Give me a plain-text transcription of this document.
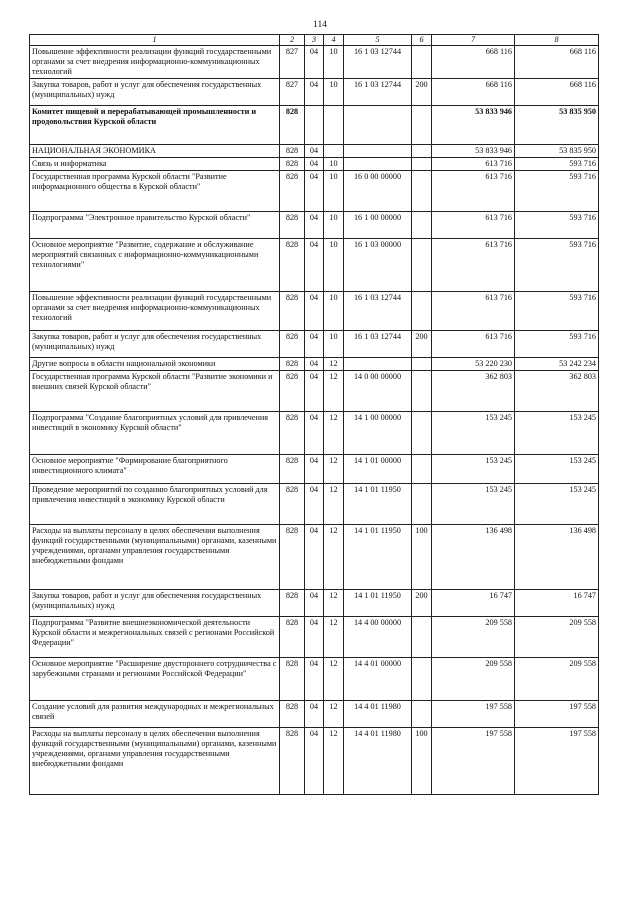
114
1	2	3	4	5	6	7	8
Повышение эффективности реализации функций государственными органами за счет внедрения информационно-коммуникационных технологий	827	04	10	16 1 03 12744		668 116	668 116
Закупка товаров, работ и услуг для обеспечения государственных (муниципальных) нужд	827	04	10	16 1 03 12744	200	668 116	668 116
Комитет пищевой и перерабатывающей промышленности и продовольствия Курской области	828					53 833 946	53 835 950
НАЦИОНАЛЬНАЯ ЭКОНОМИКА	828	04				53 833 946	53 835 950
Связь и информатика	828	04	10			613 716	593 716
Государственная программа Курской области "Развитие информационного общества в Курской области"	828	04	10	16 0 00 00000		613 716	593 716
Подпрограмма "Электронное правительство Курской области"	828	04	10	16 1 00 00000		613 716	593 716
Основное мероприятие "Развитие, содержание и обслуживание мероприятий связанных с информационно-коммуникационными технологиями"	828	04	10	16 1 03 00000		613 716	593 716
Повышение эффективности реализации функций государственными органами за счет внедрения информационно-коммуникационных технологий	828	04	10	16 1 03 12744		613 716	593 716
Закупка товаров, работ и услуг для обеспечения государственных (муниципальных) нужд	828	04	10	16 1 03 12744	200	613 716	593 716
Другие вопросы в области национальной экономики	828	04	12			53 220 230	53 242 234
Государственная программа Курской области "Развитие экономики и внешних связей Курской области"	828	04	12	14 0 00 00000		362 803	362 803
Подпрограмма "Создание благоприятных условий для привлечения инвестиций в экономику Курской области"	828	04	12	14 1 00 00000		153 245	153 245
Основное мероприятие "Формирование благоприятного инвестиционного климата"	828	04	12	14 1 01 00000		153 245	153 245
Проведение мероприятий по созданию благоприятных условий для привлечения инвестиций в экономику Курской области	828	04	12	14 1 01 11950		153 245	153 245
Расходы на выплаты персоналу в целях обеспечения выполнения функций государственными (муниципальными) органами, казенными учреждениями, органами управления государственными внебюджетными фондами	828	04	12	14 1 01 11950	100	136 498	136 498
Закупка товаров, работ и услуг для обеспечения государственных (муниципальных) нужд	828	04	12	14 1 01 11950	200	16 747	16 747
Подпрограмма "Развитие внешнеэкономической деятельности Курской области и межрегиональных связей с регионами Российской Федерации"	828	04	12	14 4 00 00000		209 558	209 558
Основное мероприятие "Расширение двустороннего сотрудничества с зарубежными странами и регионами Российской Федерации"	828	04	12	14 4 01 00000		209 558	209 558
Создание условий для развития международных и межрегиональных связей	828	04	12	14 4 01 11980		197 558	197 558
Расходы на выплаты персоналу в целях обеспечения выполнения функций государственными (муниципальными) органами, казенными учреждениями, органами управления государственными внебюджетными фондами	828	04	12	14 4 01 11980	100	197 558	197 558
